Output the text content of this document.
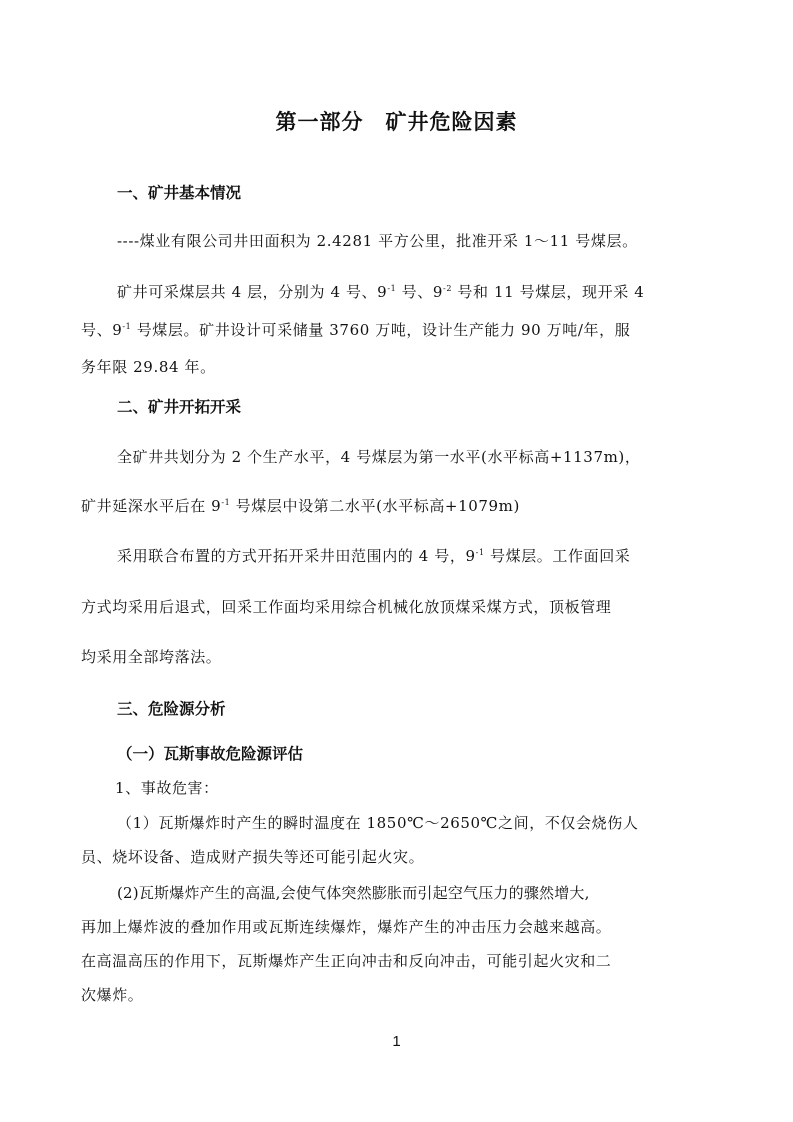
第一部分　矿井危险因素
一、矿井基本情况
----煤业有限公司井田面积为 2.4281 平方公里，批准开采 1～11 号煤层。
矿井可采煤层共 4 层，分别为 4 号、$9^{-1}$ 号、$9^{-2}$ 号和 11 号煤层，现开采 4
号、$9^{-1}$ 号煤层。矿井设计可采储量 3760 万吨，设计生产能力 90 万吨/年，服
务年限 29.84 年。
二、矿井开拓开采
全矿井共划分为 2 个生产水平，4 号煤层为第一水平(水平标高+1137m)，
矿井延深水平后在 $9^{-1}$ 号煤层中设第二水平(水平标高+1079m)
采用联合布置的方式开拓开采井田范围内的 4 号，$9^{-1}$ 号煤层。工作面回采
方式均采用后退式，回采工作面均采用综合机械化放顶煤采煤方式，顶板管理
均采用全部垮落法。
三、危险源分析
（一）瓦斯事故危险源评估
1、事故危害：
（1）瓦斯爆炸时产生的瞬时温度在 1850℃～2650℃之间，不仅会烧伤人
员、烧坏设备、造成财产损失等还可能引起火灾。
(2)瓦斯爆炸产生的高温,会使气体突然膨胀而引起空气压力的骤然增大,
再加上爆炸波的叠加作用或瓦斯连续爆炸，爆炸产生的冲击压力会越来越高。
在高温高压的作用下，瓦斯爆炸产生正向冲击和反向冲击，可能引起火灾和二
次爆炸。
1
